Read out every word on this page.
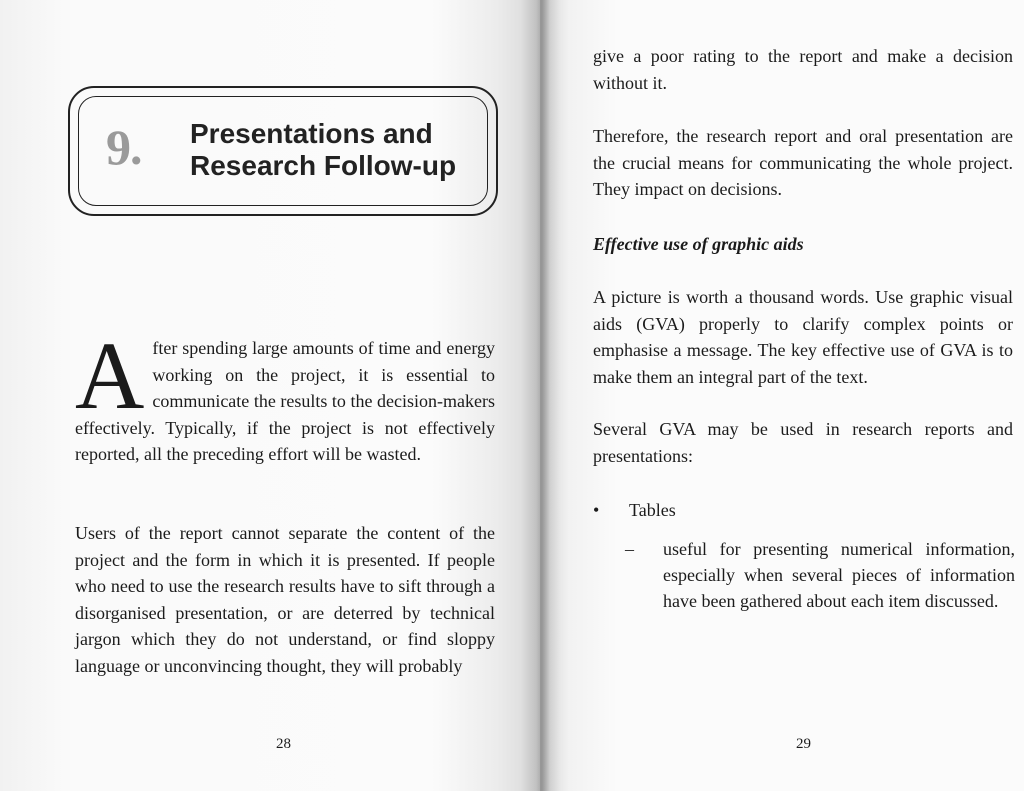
9. Presentations and
Research Follow-up

After spending large amounts of time and energy working on the project, it is essential to communicate the results to the decision-makers effectively. Typically, if the project is not effectively reported, all the preceding effort will be wasted.

Users of the report cannot separate the content of the project and the form in which it is presented. If people who need to use the research results have to sift through a disorganised presentation, or are deterred by technical jargon which they do not understand, or find sloppy language or unconvincing thought, they will probably
28
give a poor rating to the report and make a decision without it.
Therefore, the research report and oral presentation are the crucial means for communicating the whole project. They impact on decisions.
Effective use of graphic aids
A picture is worth a thousand words. Use graphic visual aids (GVA) properly to clarify complex points or emphasise a message. The key effective use of GVA is to make them an integral part of the text.
Several GVA may be used in research reports and presentations:
• Tables
– useful for presenting numerical information, especially when several pieces of information have been gathered about each item discussed.
29
